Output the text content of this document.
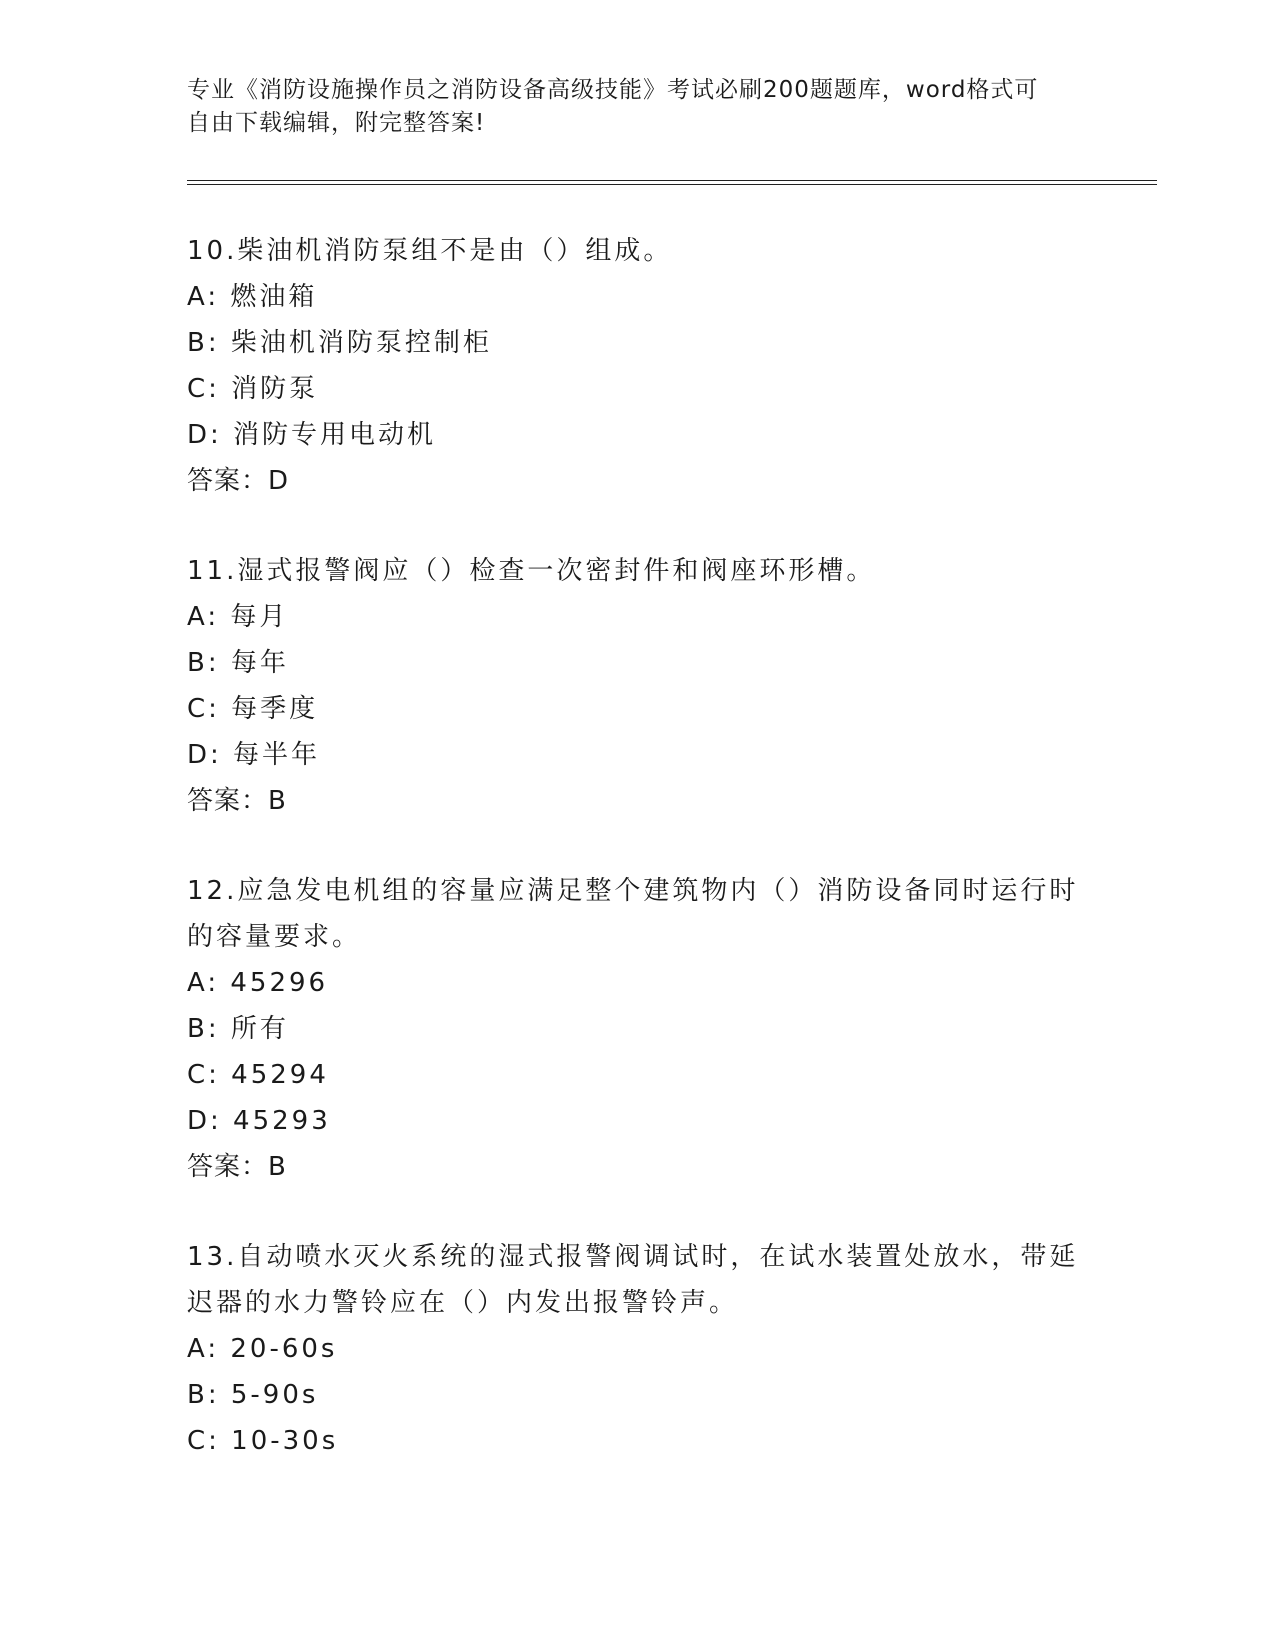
专业《消防设施操作员之消防设备高级技能》考试必刷200题题库，word格式可
自由下载编辑，附完整答案!

10.柴油机消防泵组不是由（）组成。

A: 燃油箱

B: 柴油机消防泵控制柜

C: 消防泵

D: 消防专用电动机

答案：D

11.湿式报警阀应（）检查一次密封件和阀座环形槽。

A: 每月

B: 每年

C: 每季度

D: 每半年

答案：B

12.应急发电机组的容量应满足整个建筑物内（）消防设备同时运行时

的容量要求。

A: 45296

B: 所有

C: 45294

D: 45293

答案：B

13.自动喷水灭火系统的湿式报警阀调试时，在试水装置处放水，带延

迟器的水力警铃应在（）内发出报警铃声。

A: 20-60s

B: 5-90s

C: 10-30s
